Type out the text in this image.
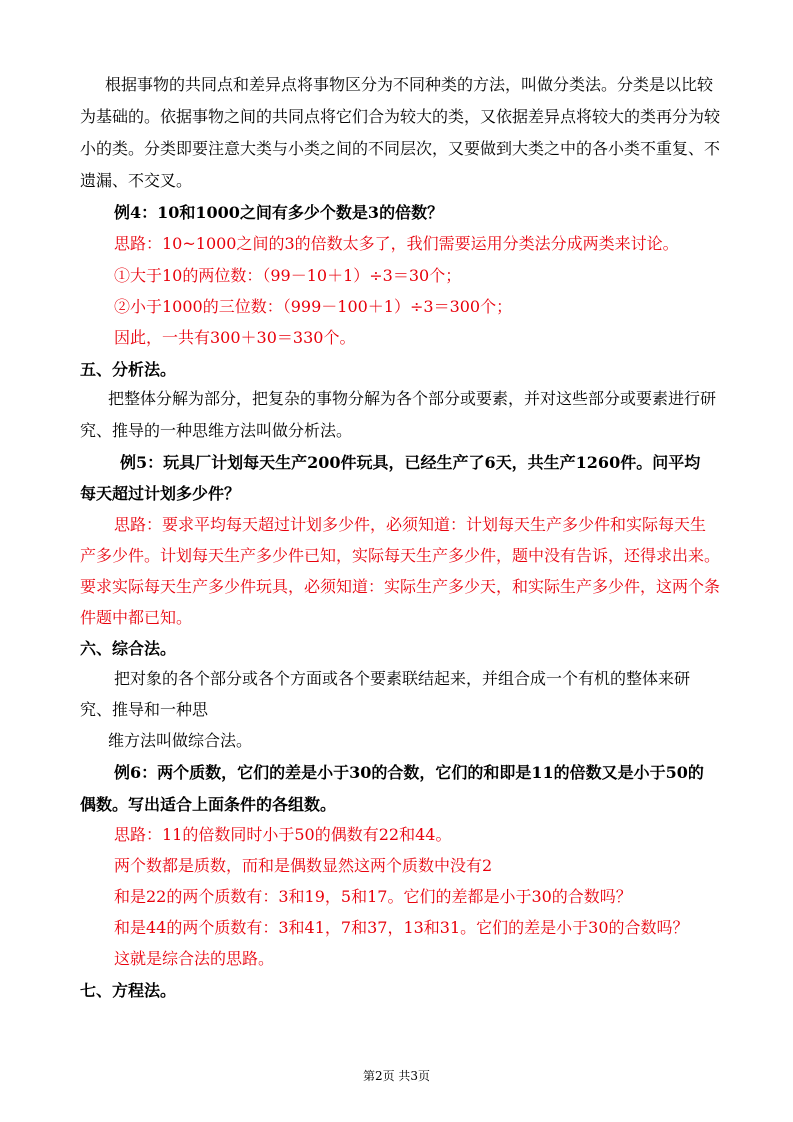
根据事物的共同点和差异点将事物区分为不同种类的方法，叫做分类法。分类是以比较
为基础的。依据事物之间的共同点将它们合为较大的类，又依据差异点将较大的类再分为较
小的类。分类即要注意大类与小类之间的不同层次，又要做到大类之中的各小类不重复、不
遗漏、不交叉。
例4：10和1000之间有多少个数是3的倍数？
思路：10~1000之间的3的倍数太多了，我们需要运用分类法分成两类来讨论。
①大于10的两位数：（99－10＋1）÷3＝30个；
②小于1000的三位数：（999－100＋1）÷3＝300个；
因此，一共有300＋30＝330个。
五、分析法。
把整体分解为部分，把复杂的事物分解为各个部分或要素，并对这些部分或要素进行研
究、推导的一种思维方法叫做分析法。
例5：玩具厂计划每天生产200件玩具，已经生产了6天，共生产1260件。问平均
每天超过计划多少件？
思路：要求平均每天超过计划多少件，必须知道：计划每天生产多少件和实际每天生
产多少件。计划每天生产多少件已知，实际每天生产多少件，题中没有告诉，还得求出来。
要求实际每天生产多少件玩具，必须知道：实际生产多少天，和实际生产多少件，这两个条
件题中都已知。
六、综合法。
把对象的各个部分或各个方面或各个要素联结起来，并组合成一个有机的整体来研
究、推导和一种思
维方法叫做综合法。
例6：两个质数，它们的差是小于30的合数，它们的和即是11的倍数又是小于50的
偶数。写出适合上面条件的各组数。
思路：11的倍数同时小于50的偶数有22和44。
两个数都是质数，而和是偶数显然这两个质数中没有2
和是22的两个质数有：3和19，5和17。它们的差都是小于30的合数吗？
和是44的两个质数有：3和41，7和37，13和31。它们的差是小于30的合数吗？
这就是综合法的思路。
七、方程法。
第2页 共3页
